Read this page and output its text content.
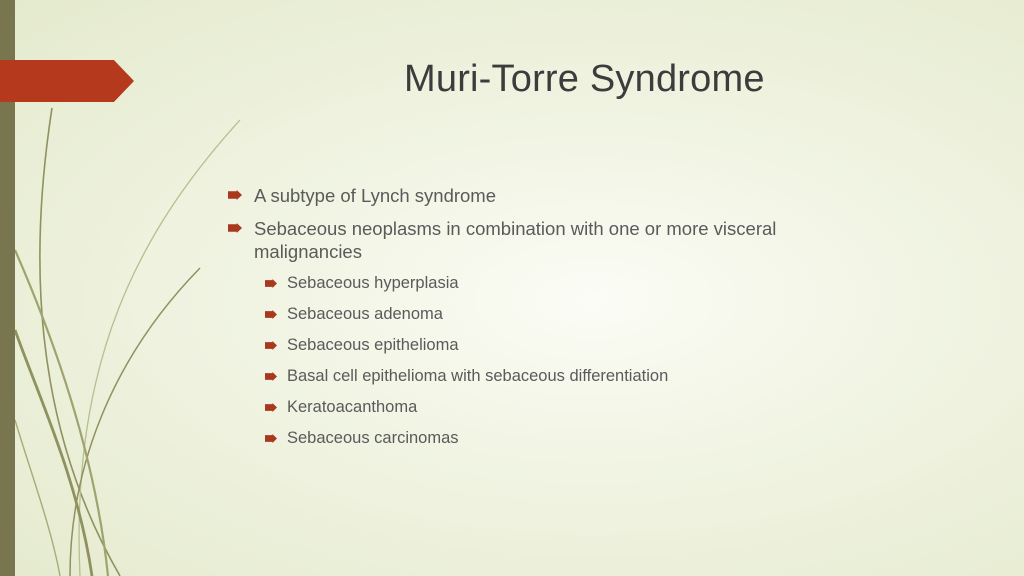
Muri-Torre Syndrome
A subtype of Lynch syndrome
Sebaceous neoplasms in combination with one or more visceral malignancies
Sebaceous hyperplasia
Sebaceous adenoma
Sebaceous epithelioma
Basal cell epithelioma with sebaceous differentiation
Keratoacanthoma
Sebaceous carcinomas
